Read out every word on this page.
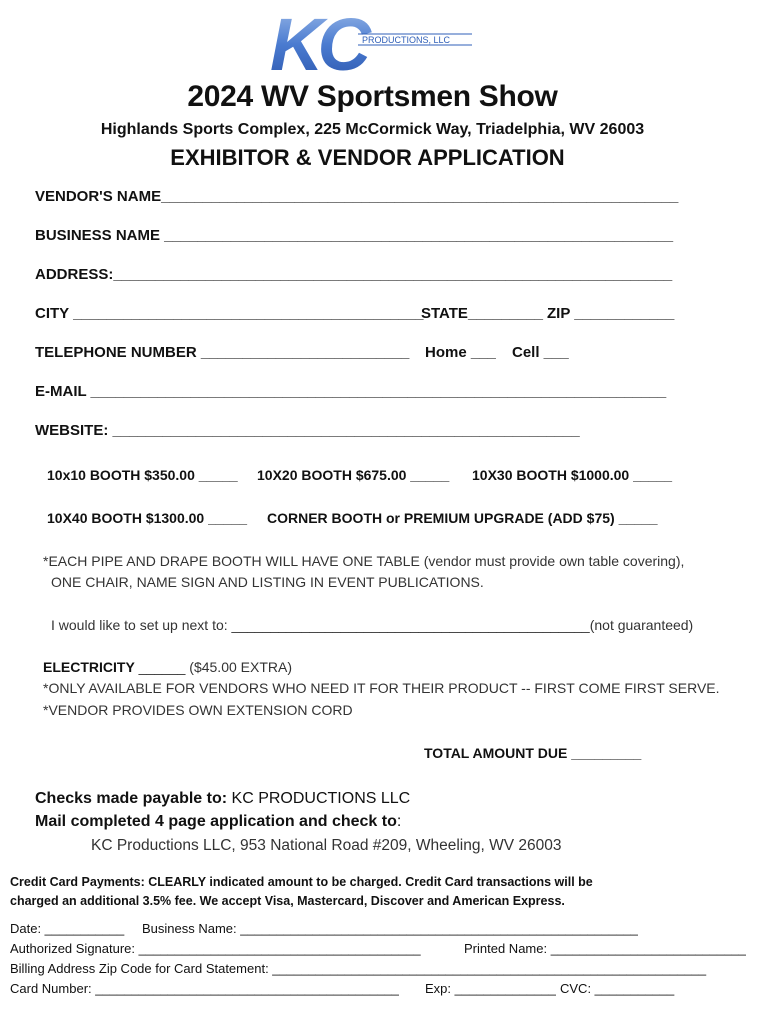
KC
PRODUCTIONS, LLC
2024 WV Sportsmen Show
Highlands Sports Complex, 225 McCormick Way, Triadelphia, WV 26003
EXHIBITOR & VENDOR APPLICATION
VENDOR'S NAME______________________________________________________________
BUSINESS NAME _____________________________________________________________
ADDRESS:___________________________________________________________________
CITY __________________________________________
STATE_________ ZIP ____________
TELEPHONE NUMBER _________________________ Home ___ Cell ___
E-MAIL _____________________________________________________________________
WEBSITE: ________________________________________________________
10x10 BOOTH $350.00 _____ 10X20 BOOTH $675.00 _____ 10X30 BOOTH $1000.00 _____
10X40 BOOTH $1300.00 _____ CORNER BOOTH or PREMIUM UPGRADE (ADD $75) _____
*EACH PIPE AND DRAPE BOOTH WILL HAVE ONE TABLE (vendor must provide own table covering),
ONE CHAIR, NAME SIGN AND LISTING IN EVENT PUBLICATIONS.
I would like to set up next to: ______________________________________________(not guaranteed)
ELECTRICITY ______ ($45.00 EXTRA)
*ONLY AVAILABLE FOR VENDORS WHO NEED IT FOR THEIR PRODUCT -- FIRST COME FIRST SERVE.
*VENDOR PROVIDES OWN EXTENSION CORD
TOTAL AMOUNT DUE _________
Checks made payable to: KC PRODUCTIONS LLC
Mail completed 4 page application and check to:
KC Productions LLC, 953 National Road #209, Wheeling, WV 26003
Credit Card Payments: CLEARLY indicated amount to be charged. Credit Card transactions will be
charged an additional 3.5% fee. We accept Visa, Mastercard, Discover and American Express.
Date: ___________ Business Name: _______________________________________________________
Authorized Signature: _______________________________________	Printed Name: ___________________________
Billing Address Zip Code for Card Statement: ____________________________________________________________
Card Number: __________________________________________ Exp: ______________ CVC: ___________
